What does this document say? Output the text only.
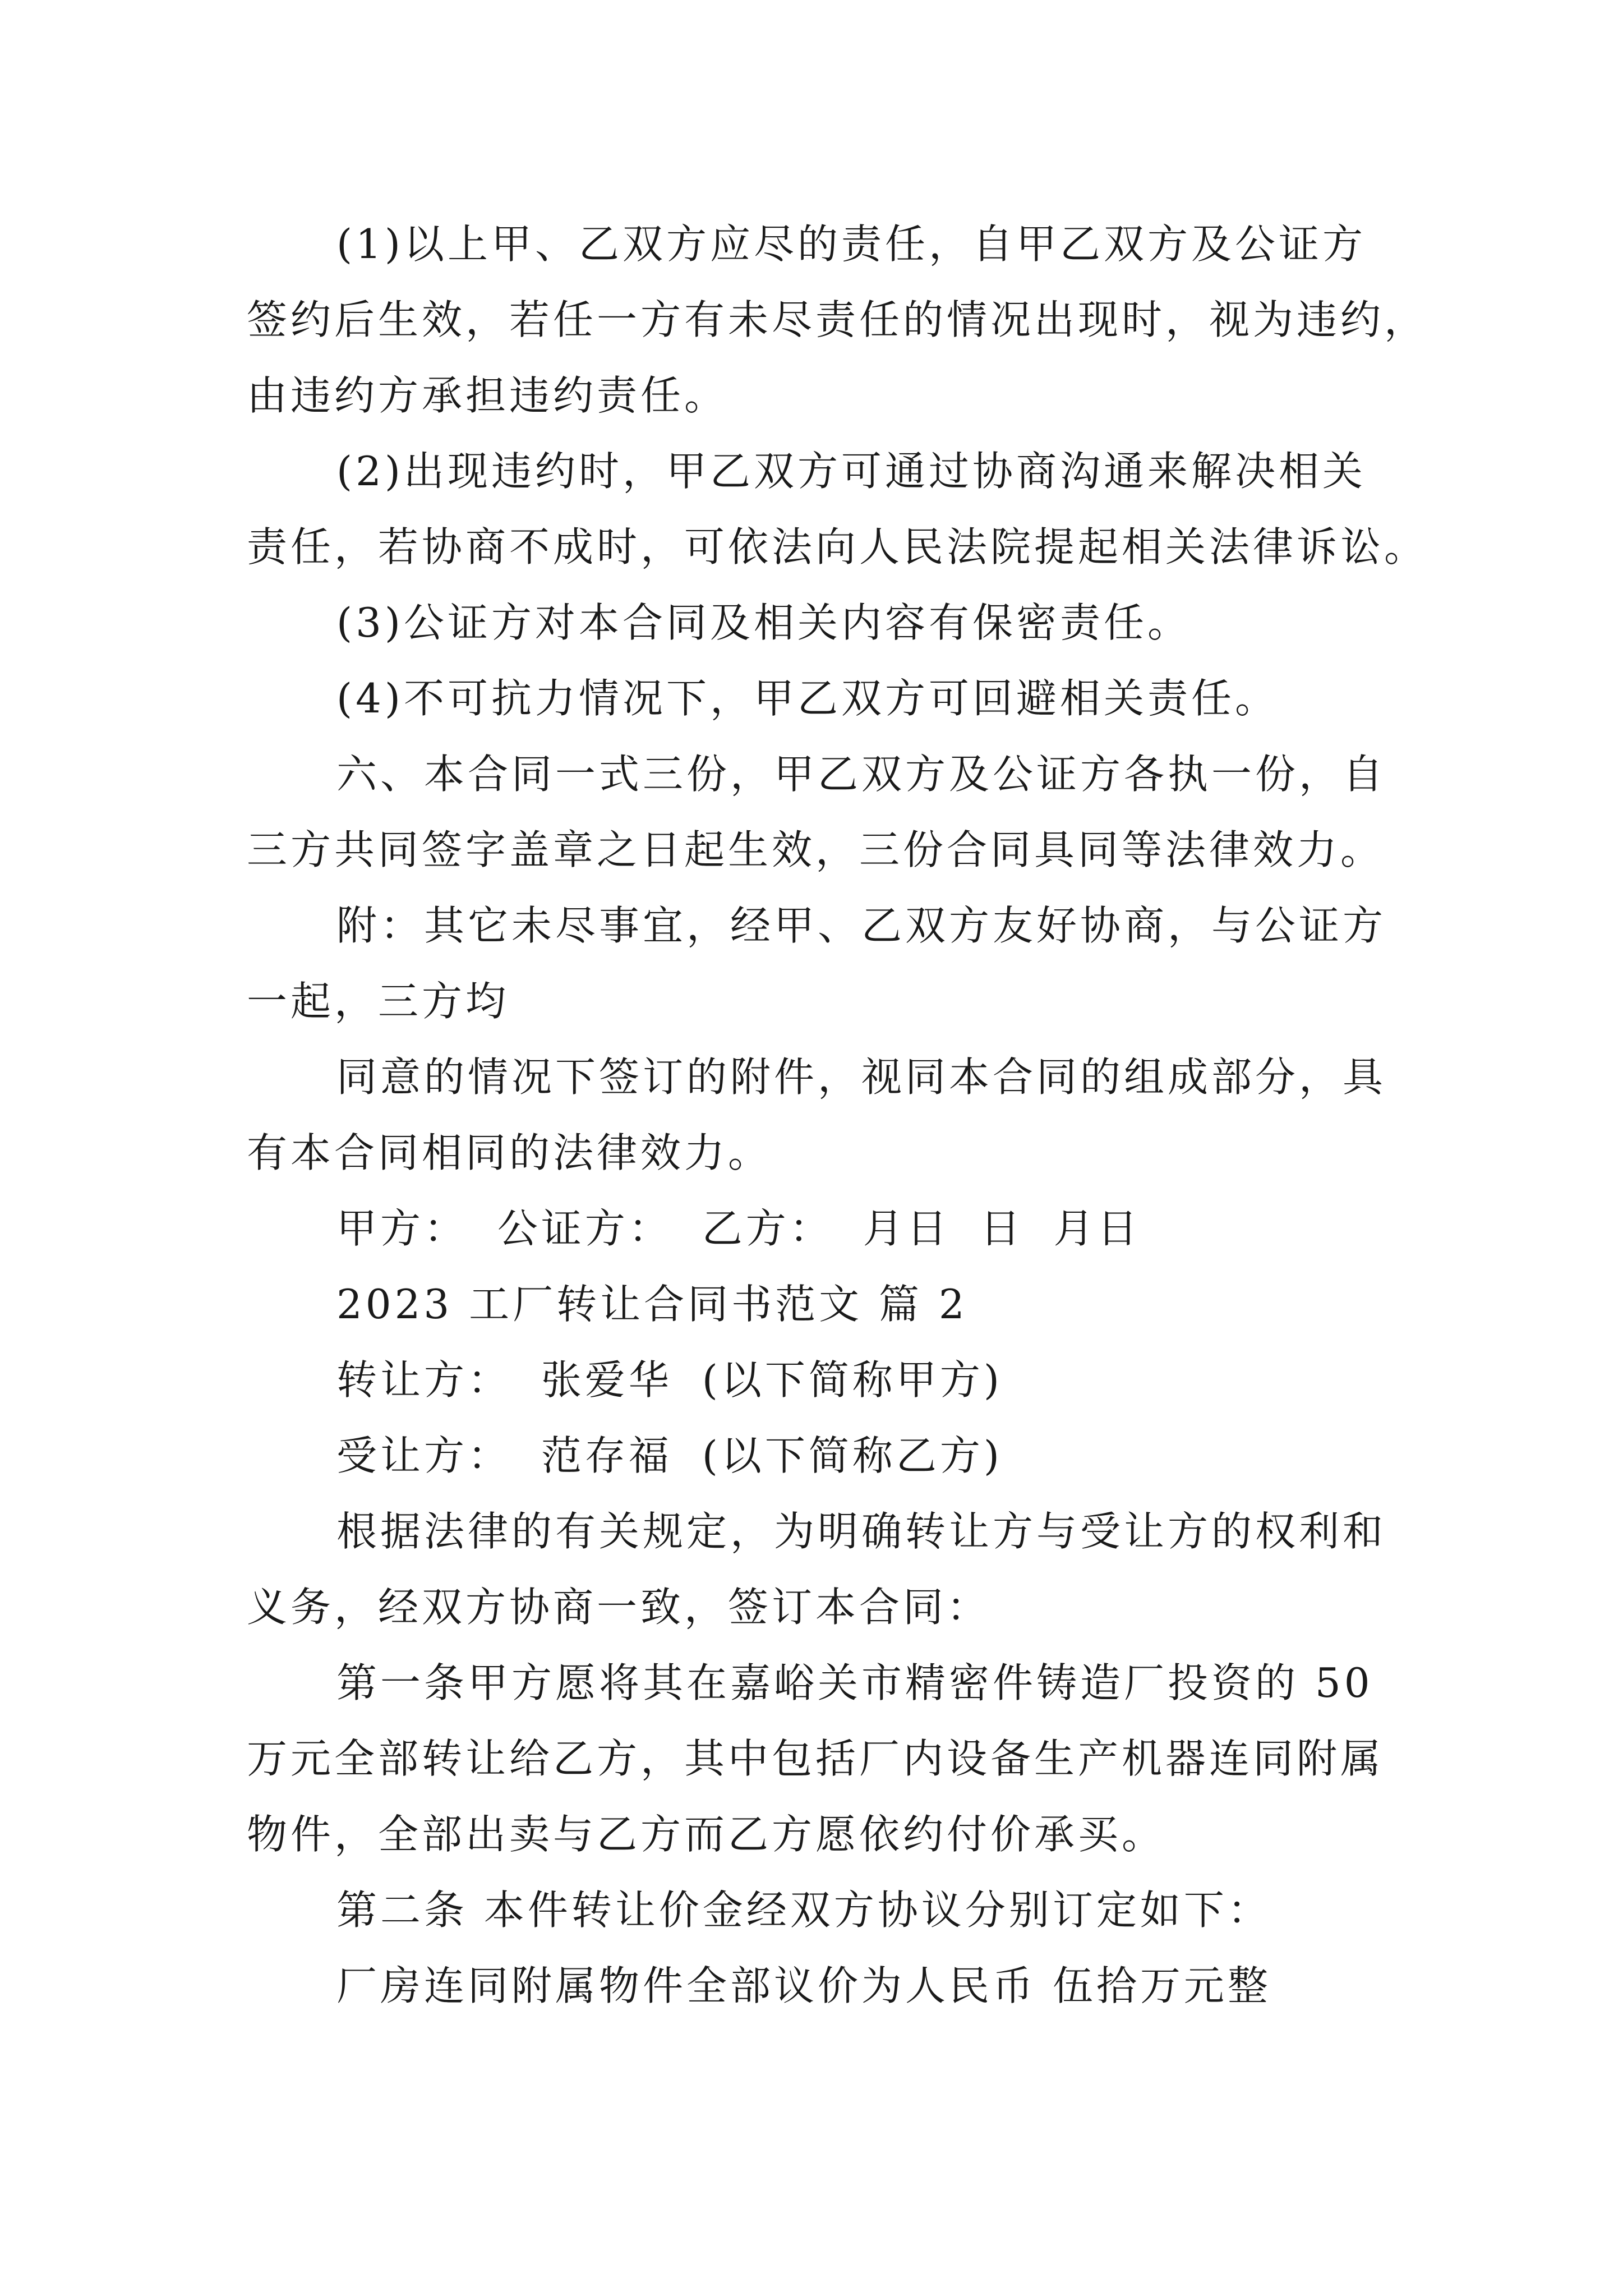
(1)以上甲、乙双方应尽的责任，自甲乙双方及公证方
签约后生效，若任一方有未尽责任的情况出现时，视为违约，
由违约方承担违约责任。
(2)出现违约时，甲乙双方可通过协商沟通来解决相关
责任，若协商不成时，可依法向人民法院提起相关法律诉讼。
(3)公证方对本合同及相关内容有保密责任。
(4)不可抗力情况下，甲乙双方可回避相关责任。
六、本合同一式三份，甲乙双方及公证方各执一份，自
三方共同签字盖章之日起生效，三份合同具同等法律效力。
附：其它未尽事宜，经甲、乙双方友好协商，与公证方
一起，三方均
同意的情况下签订的附件，视同本合同的组成部分，具
有本合同相同的法律效力。
甲方： 公证方： 乙方： 月日 日 月日
2023 工厂转让合同书范文 篇 2
转让方： 张爱华 (以下简称甲方)
受让方： 范存福 (以下简称乙方)
根据法律的有关规定，为明确转让方与受让方的权利和
义务，经双方协商一致，签订本合同：
第一条甲方愿将其在嘉峪关市精密件铸造厂投资的 50
万元全部转让给乙方，其中包括厂内设备生产机器连同附属
物件，全部出卖与乙方而乙方愿依约付价承买。
第二条 本件转让价金经双方协议分别订定如下：
厂房连同附属物件全部议价为人民币 伍拾万元整
